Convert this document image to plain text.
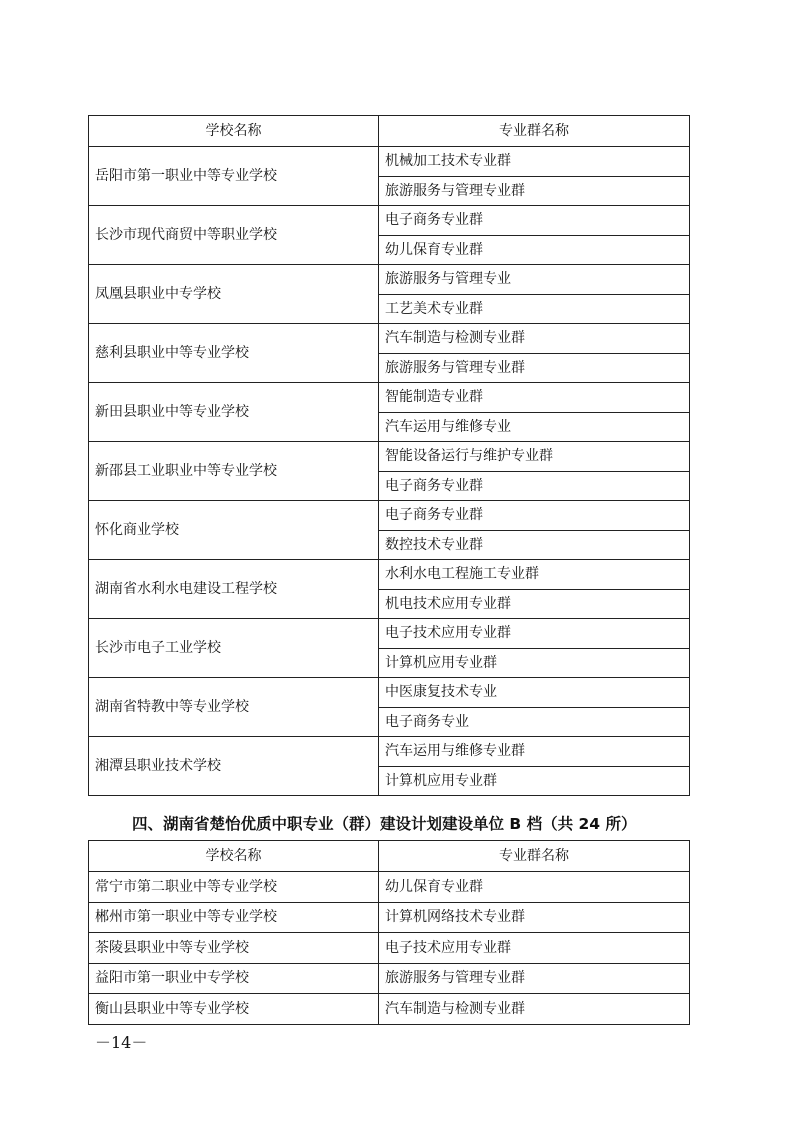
学校名称	专业群名称
岳阳市第一职业中等专业学校	机械加工技术专业群
	旅游服务与管理专业群
长沙市现代商贸中等职业学校	电子商务专业群
	幼儿保育专业群
凤凰县职业中专学校	旅游服务与管理专业
	工艺美术专业群
慈利县职业中等专业学校	汽车制造与检测专业群
	旅游服务与管理专业群
新田县职业中等专业学校	智能制造专业群
	汽车运用与维修专业
新邵县工业职业中等专业学校	智能设备运行与维护专业群
	电子商务专业群
怀化商业学校	电子商务专业群
	数控技术专业群
湖南省水利水电建设工程学校	水利水电工程施工专业群
	机电技术应用专业群
长沙市电子工业学校	电子技术应用专业群
	计算机应用专业群
湖南省特教中等专业学校	中医康复技术专业
	电子商务专业
湘潭县职业技术学校	汽车运用与维修专业群
	计算机应用专业群
四、湖南省楚怡优质中职专业（群）建设计划建设单位 B 档（共 24 所）
学校名称	专业群名称
常宁市第二职业中等专业学校	幼儿保育专业群
郴州市第一职业中等专业学校	计算机网络技术专业群
茶陵县职业中等专业学校	电子技术应用专业群
益阳市第一职业中专学校	旅游服务与管理专业群
衡山县职业中等专业学校	汽车制造与检测专业群
－14－
